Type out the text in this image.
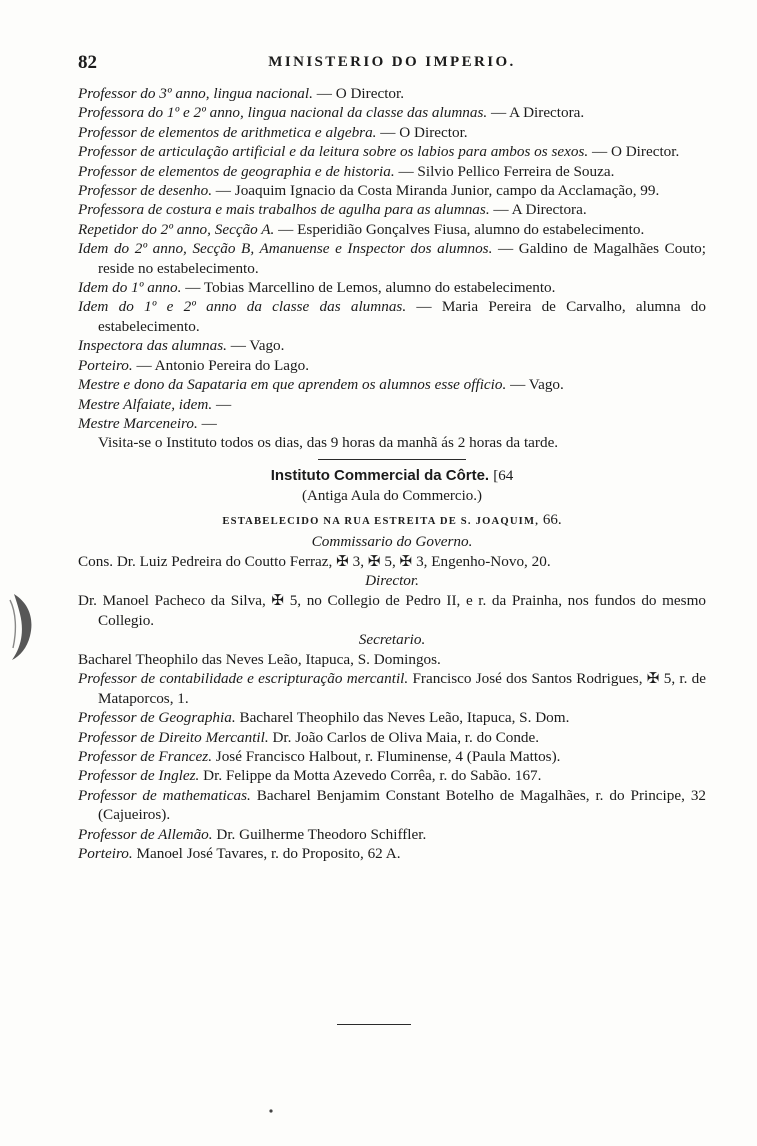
82	MINISTERIO DO IMPERIO.

Professor do 3º anno, lingua nacional. — O Director.

Professora do 1º e 2º anno, lingua nacional da classe das alumnas. — A Directora.

Professor de elementos de arithmetica e algebra. — O Director.

Professor de articulação artificial e da leitura sobre os labios para ambos os sexos. — O Director.

Professor de elementos de geographia e de historia. — Silvio Pellico Ferreira de Souza.

Professor de desenho. — Joaquim Ignacio da Costa Miranda Junior, campo da Acclamação, 99.

Professora de costura e mais trabalhos de agulha para as alumnas. — A Directora.

Repetidor do 2º anno, Secção A. — Esperidião Gonçalves Fiusa, alumno do estabelecimento.

Idem do 2º anno, Secção B, Amanuense e Inspector dos alumnos. — Galdino de Magalhães Couto; reside no estabelecimento.

Idem do 1º anno. — Tobias Marcellino de Lemos, alumno do estabelecimento.

Idem do 1º e 2º anno da classe das alumnas. — Maria Pereira de Carvalho, alumna do estabelecimento.

Inspectora das alumnas. — Vago.

Porteiro. — Antonio Pereira do Lago.

Mestre e dono da Sapataria em que aprendem os alumnos esse officio. — Vago.

Mestre Alfaiate, idem. —

Mestre Marceneiro. —

Visita-se o Instituto todos os dias, das 9 horas da manhã ás 2 horas da tarde.

Instituto Commercial da Côrte. [64

(Antiga Aula do Commercio.)

ESTABELECIDO NA RUA ESTREITA DE S. JOAQUIM, 66.

Commissario do Governo.

Cons. Dr. Luiz Pedreira do Coutto Ferraz, ✠ 3, ✠ 5, ✠ 3, Engenho-Novo, 20.

Director.

Dr. Manoel Pacheco da Silva, ✠ 5, no Collegio de Pedro II, e r. da Prainha, nos fundos do mesmo Collegio.

Secretario.

Bacharel Theophilo das Neves Leão, Itapuca, S. Domingos.

Professor de contabilidade e escripturação mercantil. Francisco José dos Santos Rodrigues, ✠ 5, r. de Mataporcos, 1.

Professor de Geographia. Bacharel Theophilo das Neves Leão, Itapuca, S. Dom.

Professor de Direito Mercantil. Dr. João Carlos de Oliva Maia, r. do Conde.

Professor de Francez. José Francisco Halbout, r. Fluminense, 4 (Paula Mattos).

Professor de Inglez. Dr. Felippe da Motta Azevedo Corrêa, r. do Sabão. 167.

Professor de mathematicas. Bacharel Benjamim Constant Botelho de Magalhães, r. do Principe, 32 (Cajueiros).

Professor de Allemão. Dr. Guilherme Theodoro Schiffler.

Porteiro. Manoel José Tavares, r. do Proposito, 62 A.
